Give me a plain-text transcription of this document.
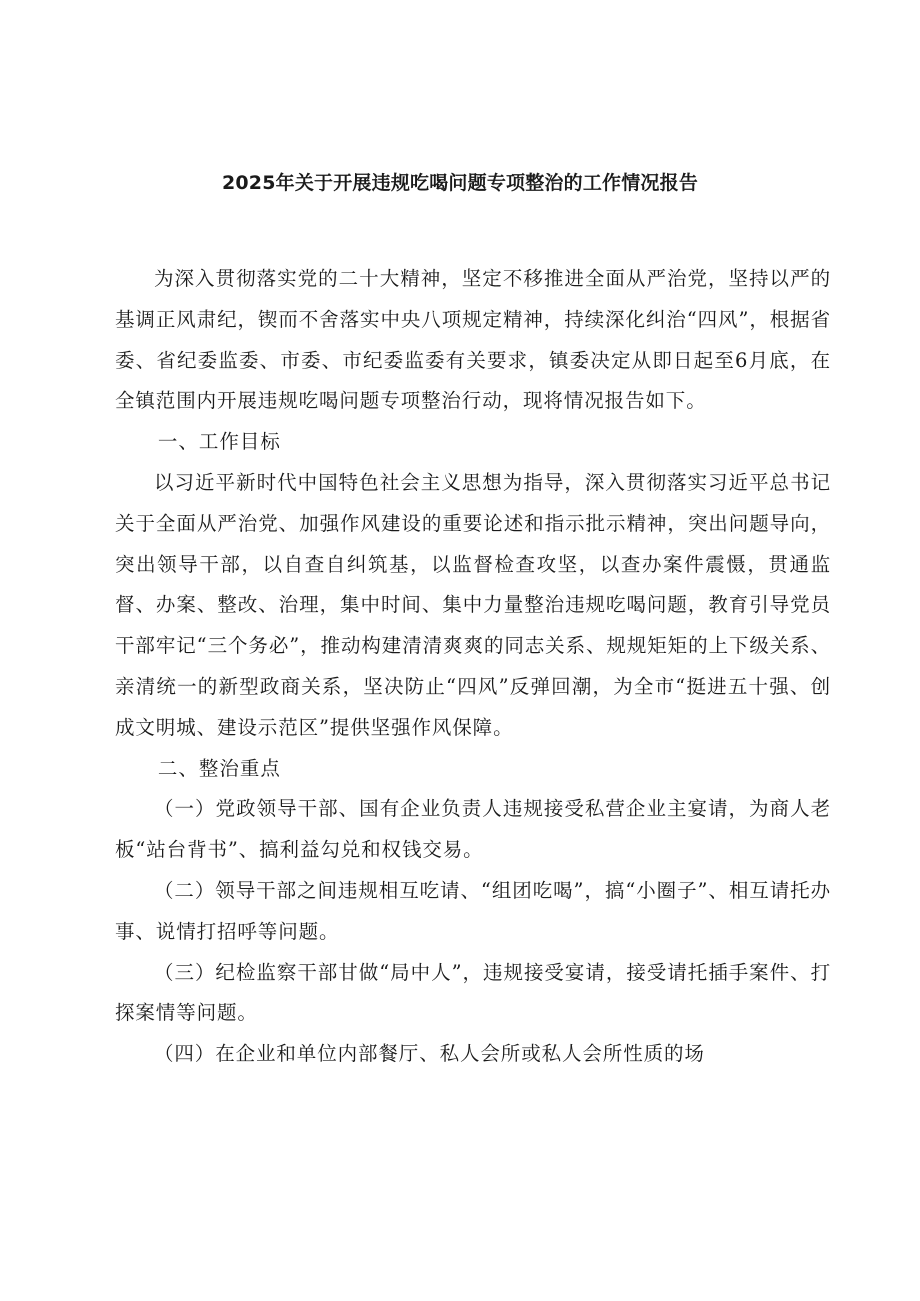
2025年关于开展违规吃喝问题专项整治的工作情况报告

为深入贯彻落实党的二十大精神，坚定不移推进全面从严治党，坚持以严的基调正风肃纪，锲而不舍落实中央八项规定精神，持续深化纠治“四风”，根据省委、省纪委监委、市委、市纪委监委有关要求，镇委决定从即日起至6月底，在全镇范围内开展违规吃喝问题专项整治行动，现将情况报告如下。

一、工作目标

以习近平新时代中国特色社会主义思想为指导，深入贯彻落实习近平总书记关于全面从严治党、加强作风建设的重要论述和指示批示精神，突出问题导向，突出领导干部，以自查自纠筑基，以监督检查攻坚，以查办案件震慑，贯通监督、办案、整改、治理，集中时间、集中力量整治违规吃喝问题，教育引导党员干部牢记“三个务必”，推动构建清清爽爽的同志关系、规规矩矩的上下级关系、亲清统一的新型政商关系，坚决防止“四风”反弹回潮，为全市“挺进五十强、创成文明城、建设示范区”提供坚强作风保障。

二、整治重点

（一）党政领导干部、国有企业负责人违规接受私营企业主宴请，为商人老板“站台背书”、搞利益勾兑和权钱交易。

（二）领导干部之间违规相互吃请、“组团吃喝”，搞“小圈子”、相互请托办事、说情打招呼等问题。

（三）纪检监察干部甘做“局中人”，违规接受宴请，接受请托插手案件、打探案情等问题。

（四）在企业和单位内部餐厅、私人会所或私人会所性质的场
